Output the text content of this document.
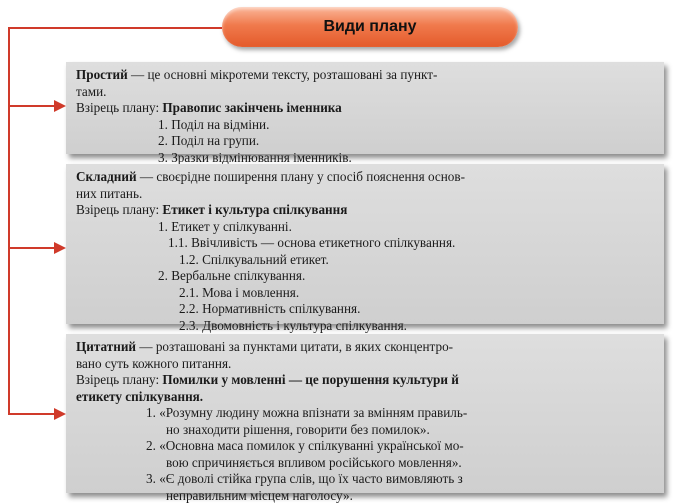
Види плану
Простий — це основні мікротеми тексту, розташовані за пункт-
тами.
Взірець плану: Правопис закінчень іменника
1. Поділ на відміни.
2. Поділ на групи.
3. Зразки відмінювання іменників.
Складний — своєрідне поширення плану у спосіб пояснення основ-
них питань.
Взірець плану: Етикет і культура спілкування
1. Етикет у спілкуванні.
1.1. Ввічливість — основа етикетного спілкування.
1.2. Спілкувальний етикет.
2. Вербальне спілкування.
2.1. Мова і мовлення.
2.2. Нормативність спілкування.
2.3. Двомовність і культура спілкування.
Цитатний — розташовані за пунктами цитати, в яких сконцентро-
вано суть кожного питання.
Взірець плану: Помилки у мовленні — це порушення культури й
етикету спілкування.
1. «Розумну людину можна впізнати за вмінням правиль-
но знаходити рішення, говорити без помилок».
2. «Основна маса помилок у спілкуванні української мо-
вою спричиняється впливом російського мовлення».
3. «Є доволі стійка група слів, що їх часто вимовляють з
неправильним місцем наголосу».
